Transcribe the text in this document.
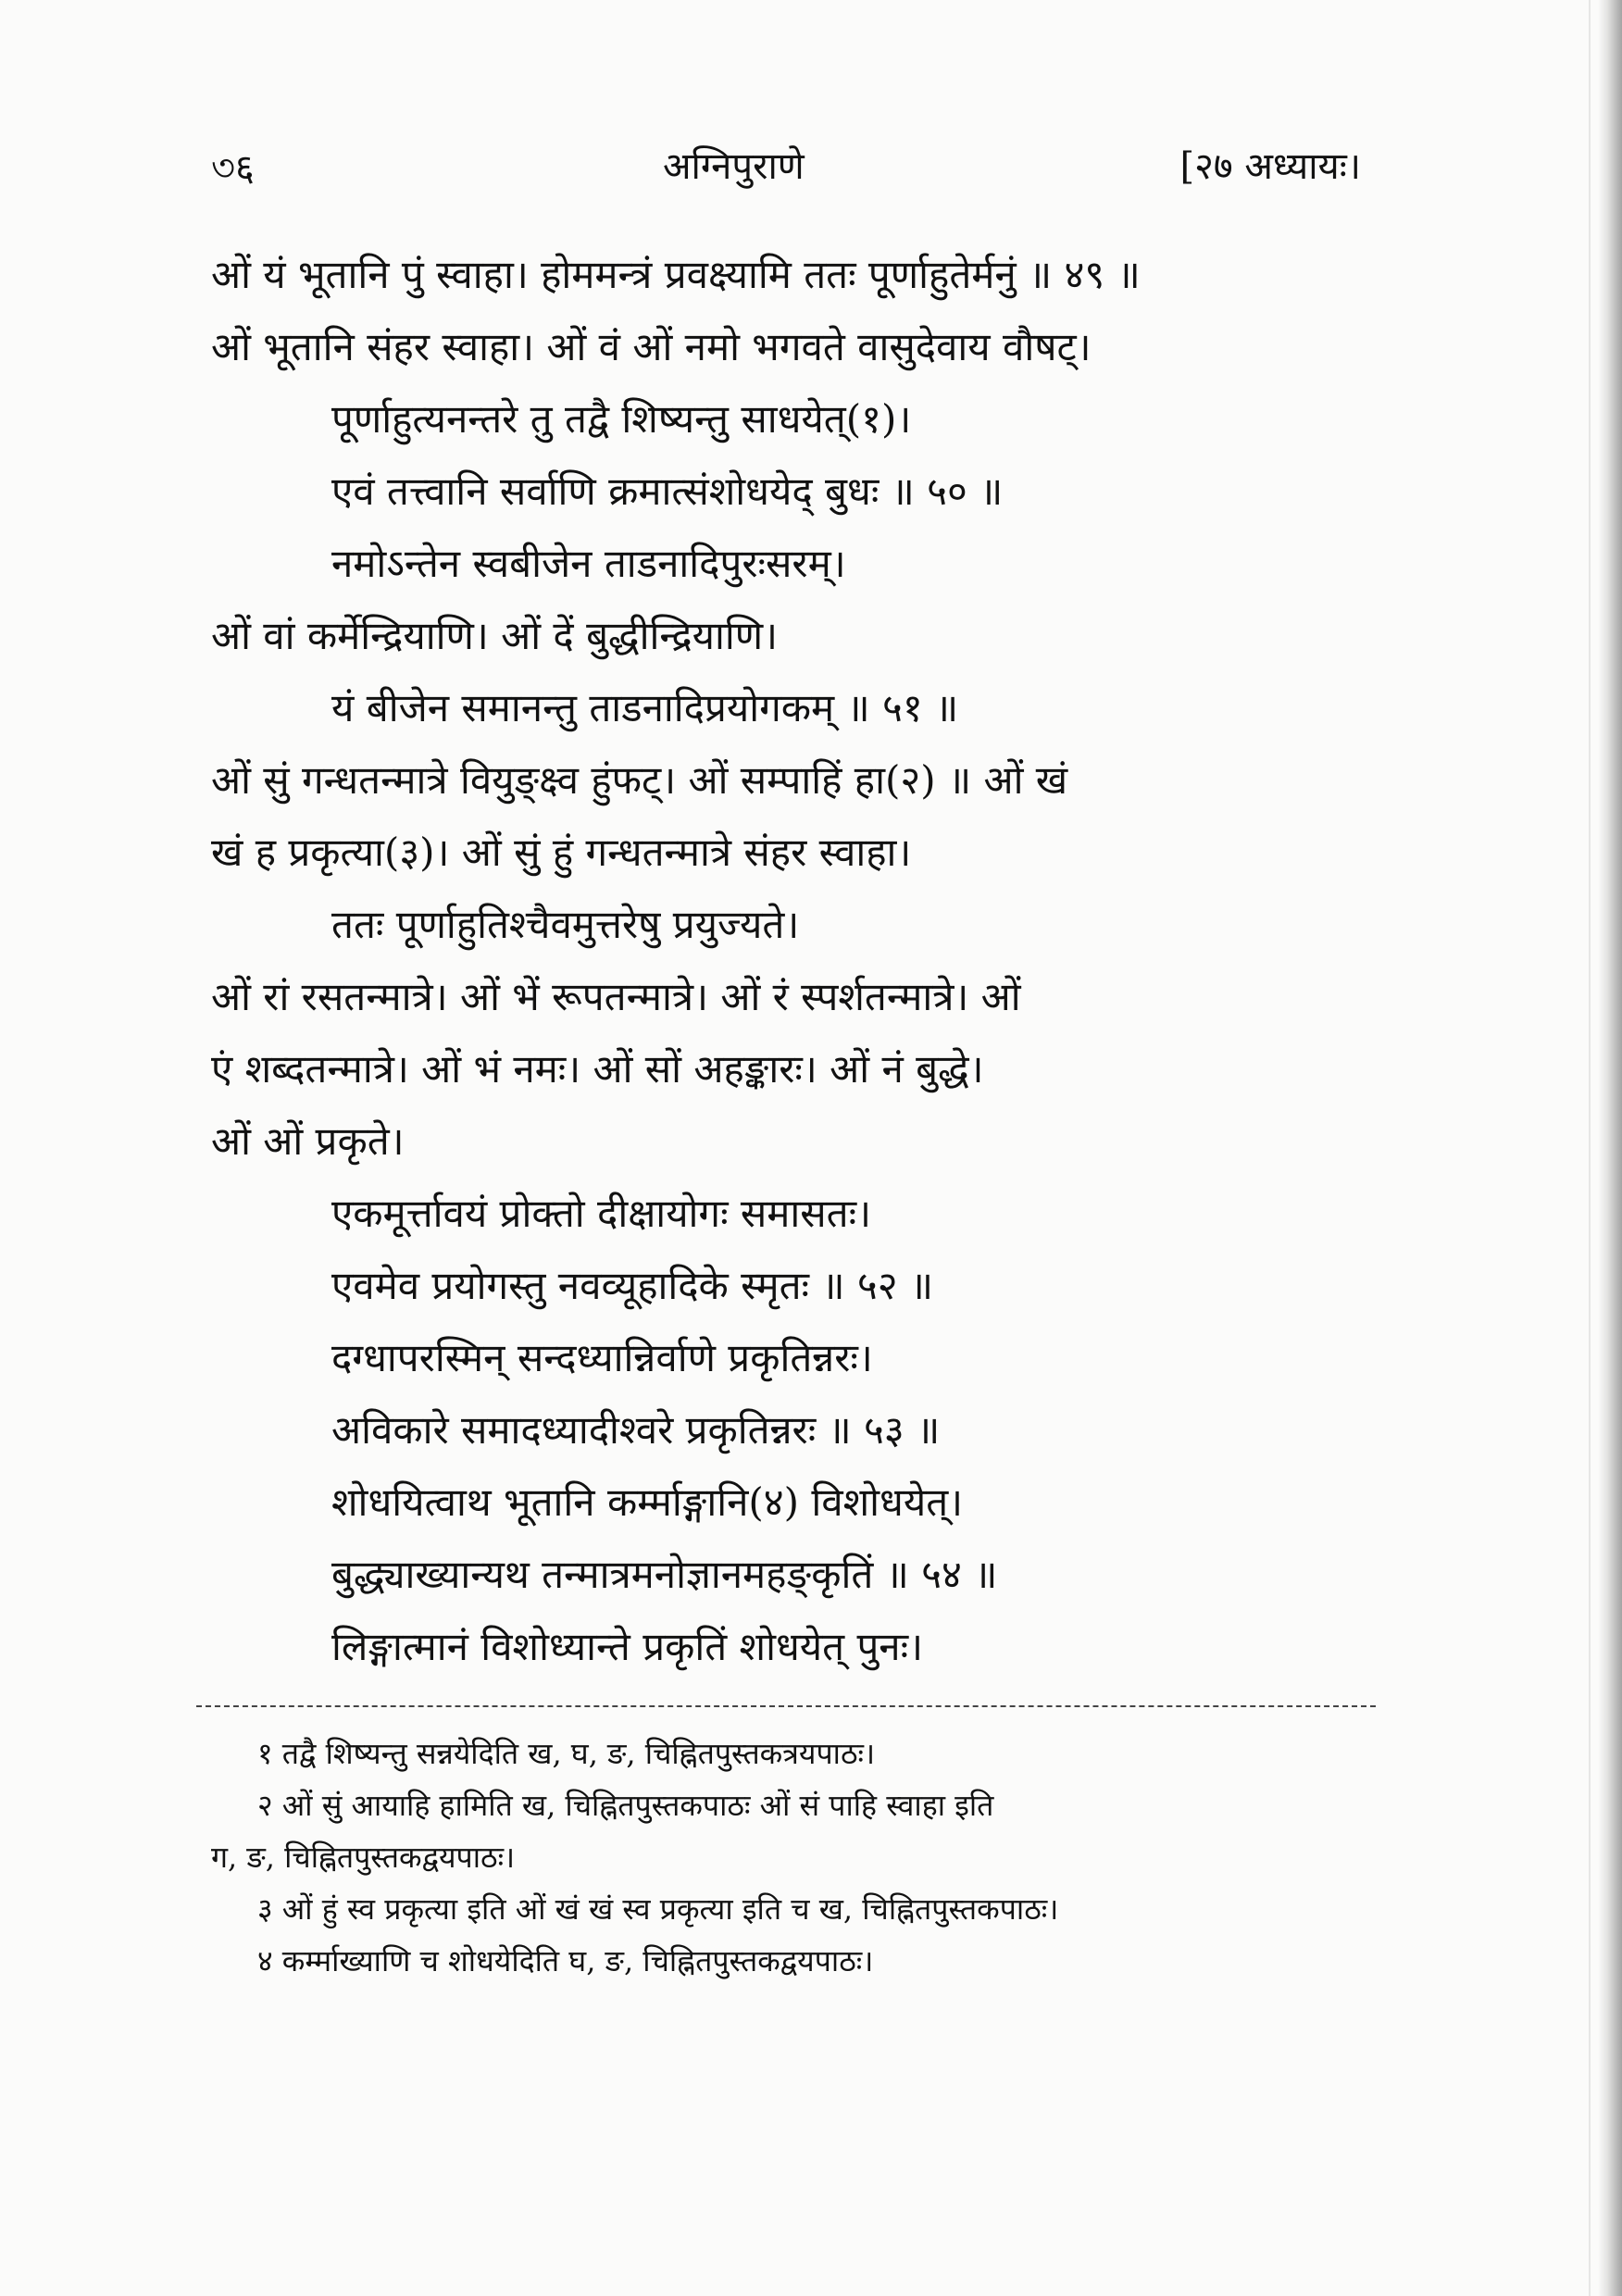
৩६	अग्निपुराणे	[२७ अध्यायः।
ओं यं भूतानि पुं स्वाहा। होममन्त्रं प्रवक्ष्यामि ततः पूर्णाहुतेर्मनुं ॥ ४९ ॥
ओं भूतानि संहर स्वाहा। ओं वं ओं नमो भगवते वासुदेवाय वौषट्।
पूर्णाहुत्यनन्तरे तु तद्वै शिष्यन्तु साधयेत्(१)।
एवं तत्त्वानि सर्वाणि क्रमात्संशोधयेद् बुधः ॥ ५० ॥
नमोऽन्तेन स्वबीजेन ताडनादिपुरःसरम्।
ओं वां कर्मेन्द्रियाणि। ओं दें बुद्धीन्द्रियाणि।
यं बीजेन समानन्तु ताडनादिप्रयोगकम् ॥ ५१ ॥
ओं सुं गन्धतन्मात्रे वियुङ्क्ष्व हुंफट्। ओं सम्पाहिं हा(२) ॥ ओं खं
खं ह प्रकृत्या(३)। ओं सुं हुं गन्धतन्मात्रे संहर स्वाहा।
ततः पूर्णाहुतिश्चैवमुत्तरेषु प्रयुज्यते।
ओं रां रसतन्मात्रे। ओं भें रूपतन्मात्रे। ओं रं स्पर्शतन्मात्रे। ओं
एं शब्दतन्मात्रे। ओं भं नमः। ओं सों अहङ्कारः। ओं नं बुद्धे।
ओं ओं प्रकृते।
एकमूर्त्तावयं प्रोक्तो दीक्षायोगः समासतः।
एवमेव प्रयोगस्तु नवव्यूहादिके स्मृतः ॥ ५२ ॥
दग्धापरस्मिन् सन्दध्यान्निर्वाणे प्रकृतिन्नरः।
अविकारे समादध्यादीश्वरे प्रकृतिन्नरः ॥ ५३ ॥
शोधयित्वाथ भूतानि कर्म्माङ्गानि(४) विशोधयेत्।
बुद्ध्याख्यान्यथ तन्मात्रमनोज्ञानमहङ्कृतिं ॥ ५४ ॥
लिङ्गात्मानं विशोध्यान्ते प्रकृतिं शोधयेत् पुनः।
१ तद्वै शिष्यन्तु सन्नयेदिति ख, घ, ङ, चिह्नितपुस्तकत्रयपाठः।
२ ओं सुं आयाहि हामिति ख, चिह्नितपुस्तकपाठः ओं सं पाहि स्वाहा इति
ग, ङ, चिह्नितपुस्तकद्वयपाठः।
३ ओं हुं स्व प्रकृत्या इति ओं खं खं स्व प्रकृत्या इति च ख, चिह्नितपुस्तकपाठः।
४ कर्म्माख्याणि च शोधयेदिति घ, ङ, चिह्नितपुस्तकद्वयपाठः।
